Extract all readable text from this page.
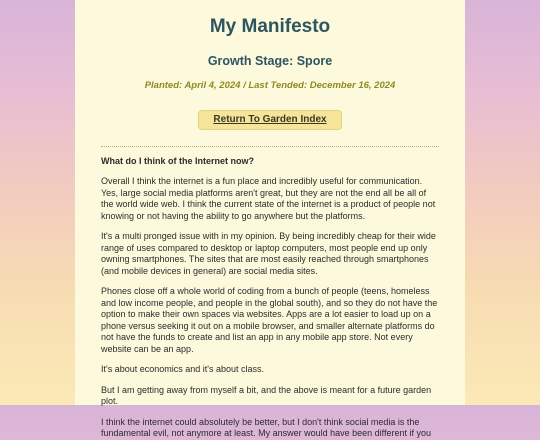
My Manifesto
Growth Stage: Spore
Planted: April 4, 2024 / Last Tended: December 16, 2024
Return To Garden Index
What do I think of the Internet now?

Overall I think the internet is a fun place and incredibly useful for communication. Yes, large social media platforms aren't great, but they are not the end all be all of the world wide web. I think the current state of the internet is a product of people not knowing or not having the ability to go anywhere but the platforms.

It's a multi pronged issue with in my opinion. By being incredibly cheap for their wide range of uses compared to desktop or laptop computers, most people end up only owning smartphones. The sites that are most easily reached through smartphones (and mobile devices in general) are social media sites.

Phones close off a whole world of coding from a bunch of people (teens, homeless and low income people, and people in the global south), and so they do not have the option to make their own spaces via websites. Apps are a lot easier to load up on a phone versus seeking it out on a mobile browser, and smaller alternate platforms do not have the funds to create and list an app in any mobile app store. Not every website can be an app.

It's about economics and it's about class.

But I am getting away from myself a bit, and the above is meant for a future garden plot.

I think the internet could absolutely be better, but I don't think social media is the fundamental evil, not anymore at least. My answer would have been different if you
